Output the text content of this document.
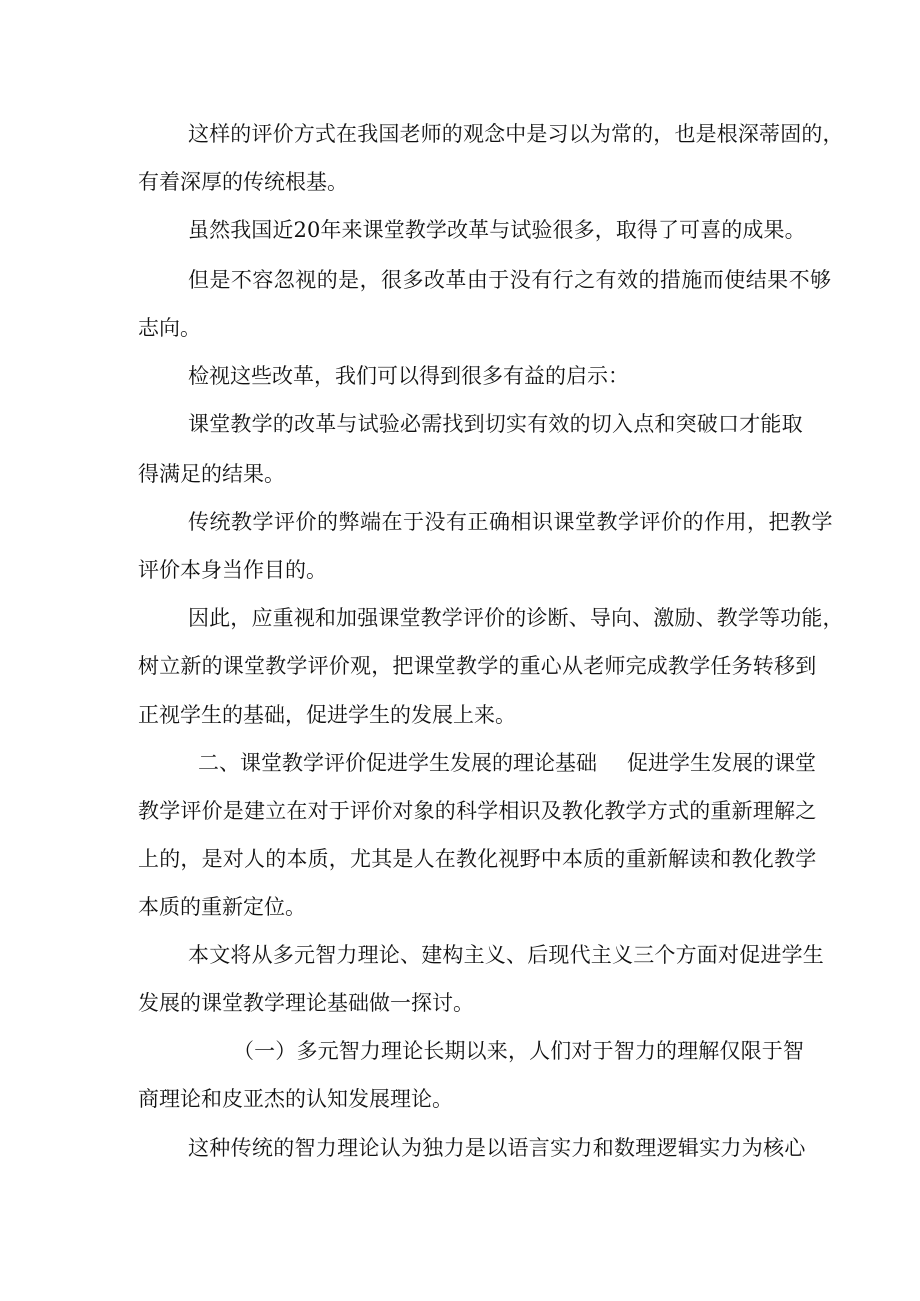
这样的评价方式在我国老师的观念中是习以为常的，也是根深蒂固的，

有着深厚的传统根基。

虽然我国近20年来课堂教学改革与试验很多，取得了可喜的成果。

但是不容忽视的是，很多改革由于没有行之有效的措施而使结果不够

志向。

检视这些改革，我们可以得到很多有益的启示：

课堂教学的改革与试验必需找到切实有效的切入点和突破口才能取

得满足的结果。

传统教学评价的弊端在于没有正确相识课堂教学评价的作用，把教学

评价本身当作目的。

因此，应重视和加强课堂教学评价的诊断、导向、激励、教学等功能，

树立新的课堂教学评价观，把课堂教学的重心从老师完成教学任务转移到

正视学生的基础，促进学生的发展上来。

二、课堂教学评价促进学生发展的理论基础 促进学生发展的课堂

教学评价是建立在对于评价对象的科学相识及教化教学方式的重新理解之

上的，是对人的本质，尤其是人在教化视野中本质的重新解读和教化教学

本质的重新定位。

本文将从多元智力理论、建构主义、后现代主义三个方面对促进学生

发展的课堂教学理论基础做一探讨。

（一）多元智力理论长期以来，人们对于智力的理解仅限于智

商理论和皮亚杰的认知发展理论。

这种传统的智力理论认为独力是以语言实力和数理逻辑实力为核心
